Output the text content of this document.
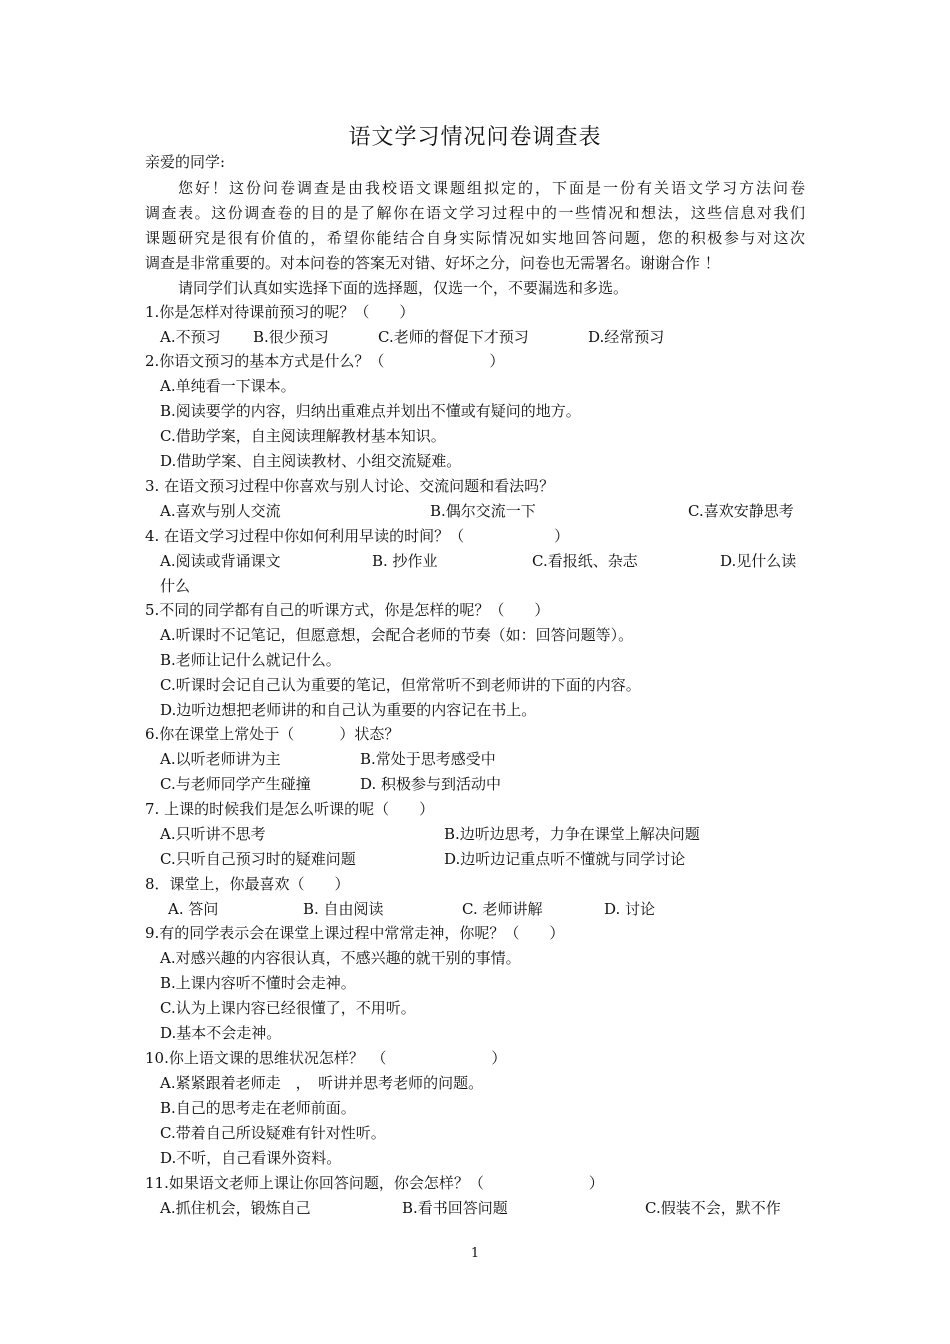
语文学习情况问卷调查表
亲爱的同学:
您好！这份问卷调查是由我校语文课题组拟定的，下面是一份有关语文学习方法问卷
调查表。这份调查卷的目的是了解你在语文学习过程中的一些情况和想法，这些信息对我们
课题研究是很有价值的，希望你能结合自身实际情况如实地回答问题，您的积极参与对这次
调查是非常重要的。对本问卷的答案无对错、好坏之分，问卷也无需署名。谢谢合作 ！
请同学们认真如实选择下面的选择题，仅选一个，不要漏选和多选。
1.你是怎样对待课前预习的呢？（　　）
A.不预习 B.很少预习	C.老师的督促下才预习	D.经常预习
2.你语文预习的基本方式是什么？（　　　　　　　）
A.单纯看一下课本。
B.阅读要学的内容，归纳出重难点并划出不懂或有疑问的地方。
C.借助学案，自主阅读理解教材基本知识。
D.借助学案、自主阅读教材、小组交流疑难。
3. 在语文预习过程中你喜欢与别人讨论、交流问题和看法吗？
A.喜欢与别人交流	B.偶尔交流一下	C.喜欢安静思考
4. 在语文学习过程中你如何利用早读的时间？（　　　　　　）
A.阅读或背诵课文	B. 抄作业	C.看报纸、杂志	D.见什么读
什么
5.不同的同学都有自己的听课方式，你是怎样的呢？（　　）
A.听课时不记笔记，但愿意想，会配合老师的节奏（如：回答问题等）。
B.老师让记什么就记什么。
C.听课时会记自己认为重要的笔记，但常常听不到老师讲的下面的内容。
D.边听边想把老师讲的和自己认为重要的内容记在书上。
6.你在课堂上常处于（　　　）状态？
A.以听老师讲为主	B.常处于思考感受中
C.与老师同学产生碰撞	D. 积极参与到活动中
7. 上课的时候我们是怎么听课的呢（　　）
A.只听讲不思考	B.边听边思考，力争在课堂上解决问题
C.只听自己预习时的疑难问题	D.边听边记重点听不懂就与同学讨论
8．课堂上，你最喜欢（　　）
A. 答问	B. 自由阅读	C. 老师讲解	D. 讨论
9.有的同学表示会在课堂上课过程中常常走神，你呢？（　　）
A.对感兴趣的内容很认真，不感兴趣的就干别的事情。
B.上课内容听不懂时会走神。
C.认为上课内容已经很懂了，不用听。
D.基本不会走神。
10.你上语文课的思维状况怎样？　（　　　　　　　）
A.紧紧跟着老师走　，　听讲并思考老师的问题。
B.自己的思考走在老师前面。
C.带着自己所设疑难有针对性听。
D.不听，自己看课外资料。
11.如果语文老师上课让你回答问题，你会怎样？（　　　　　　　）
A.抓住机会，锻炼自己	B.看书回答问题	C.假装不会，默不作
1
